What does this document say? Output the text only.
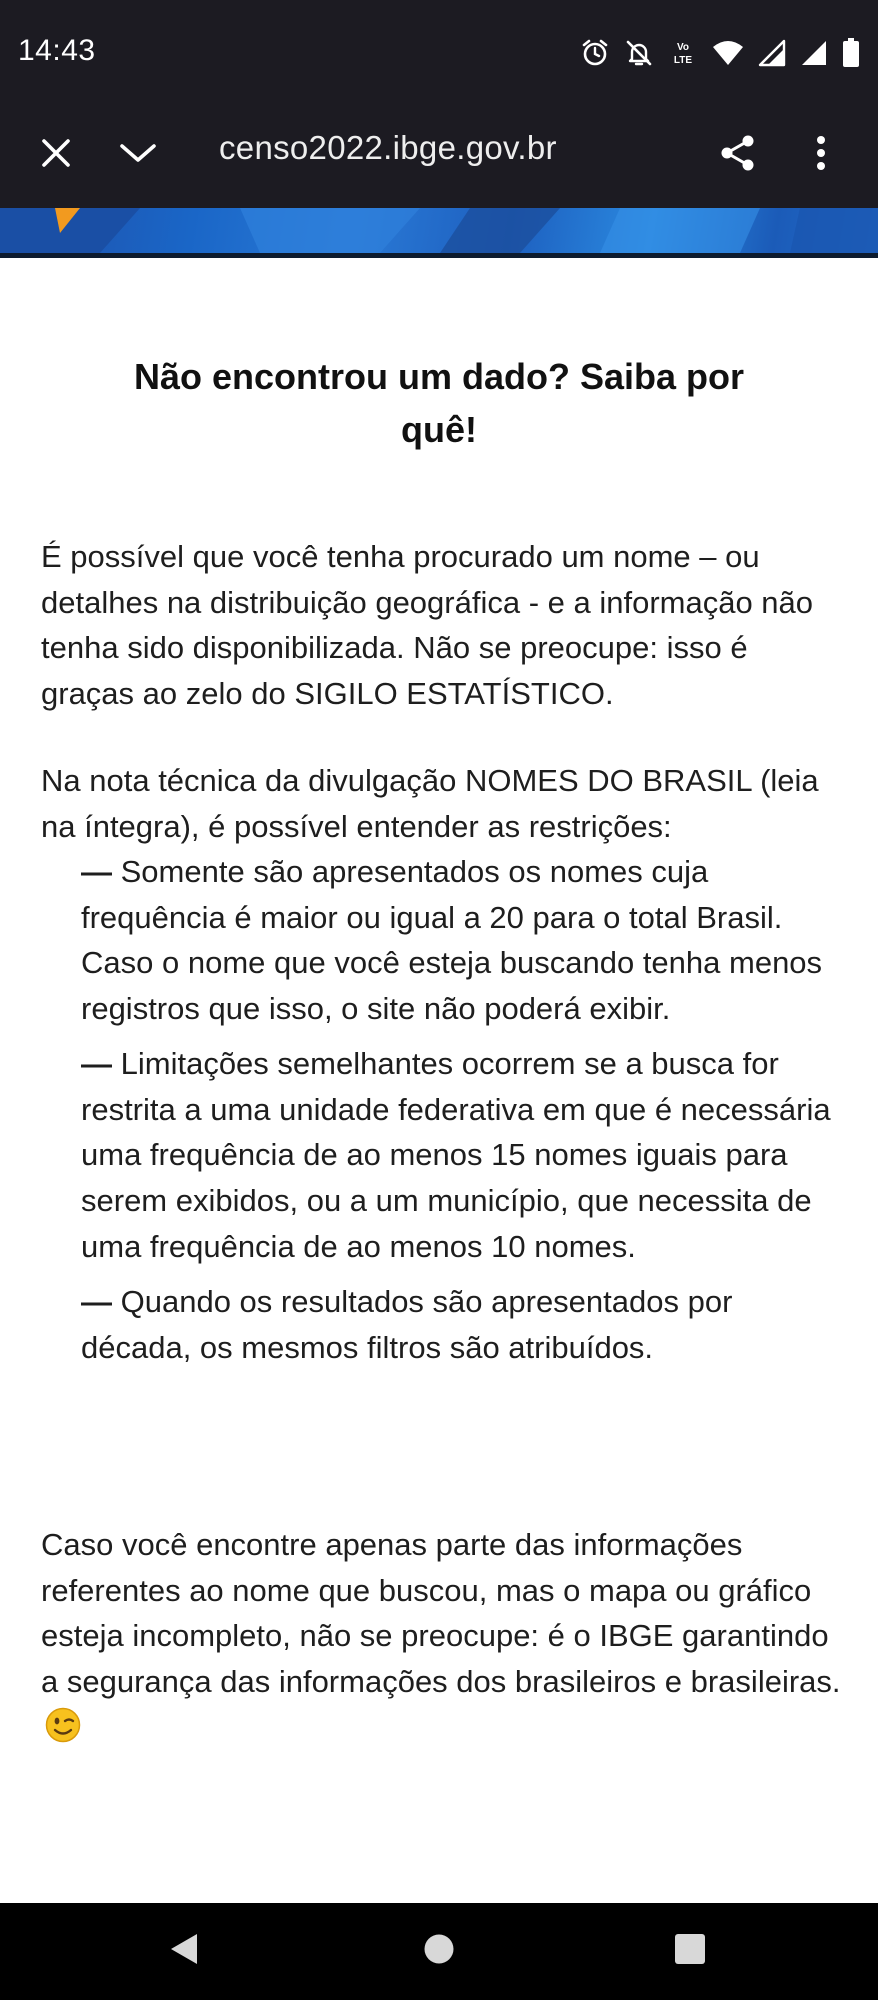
14:43	Vo
LTE
censo2022.ibge.gov.br
Não encontrou um dado? Saiba por quê!
É possível que você tenha procurado um nome – ou detalhes na distribuição geográfica - e a informação não tenha sido disponibilizada. Não se preocupe: isso é graças ao zelo do SIGILO ESTATÍSTICO.
Na nota técnica da divulgação NOMES DO BRASIL (leia na íntegra), é possível entender as restrições:
— Somente são apresentados os nomes cuja frequência é maior ou igual a 20 para o total Brasil. Caso o nome que você esteja buscando tenha menos registros que isso, o site não poderá exibir.
— Limitações semelhantes ocorrem se a busca for restrita a uma unidade federativa em que é necessária uma frequência de ao menos 15 nomes iguais para serem exibidos, ou a um município, que necessita de uma frequência de ao menos 10 nomes.
— Quando os resultados são apresentados por década, os mesmos filtros são atribuídos.
Caso você encontre apenas parte das informações referentes ao nome que buscou, mas o mapa ou gráfico esteja incompleto, não se preocupe: é o IBGE garantindo a segurança das informações dos brasileiros e brasileiras.
